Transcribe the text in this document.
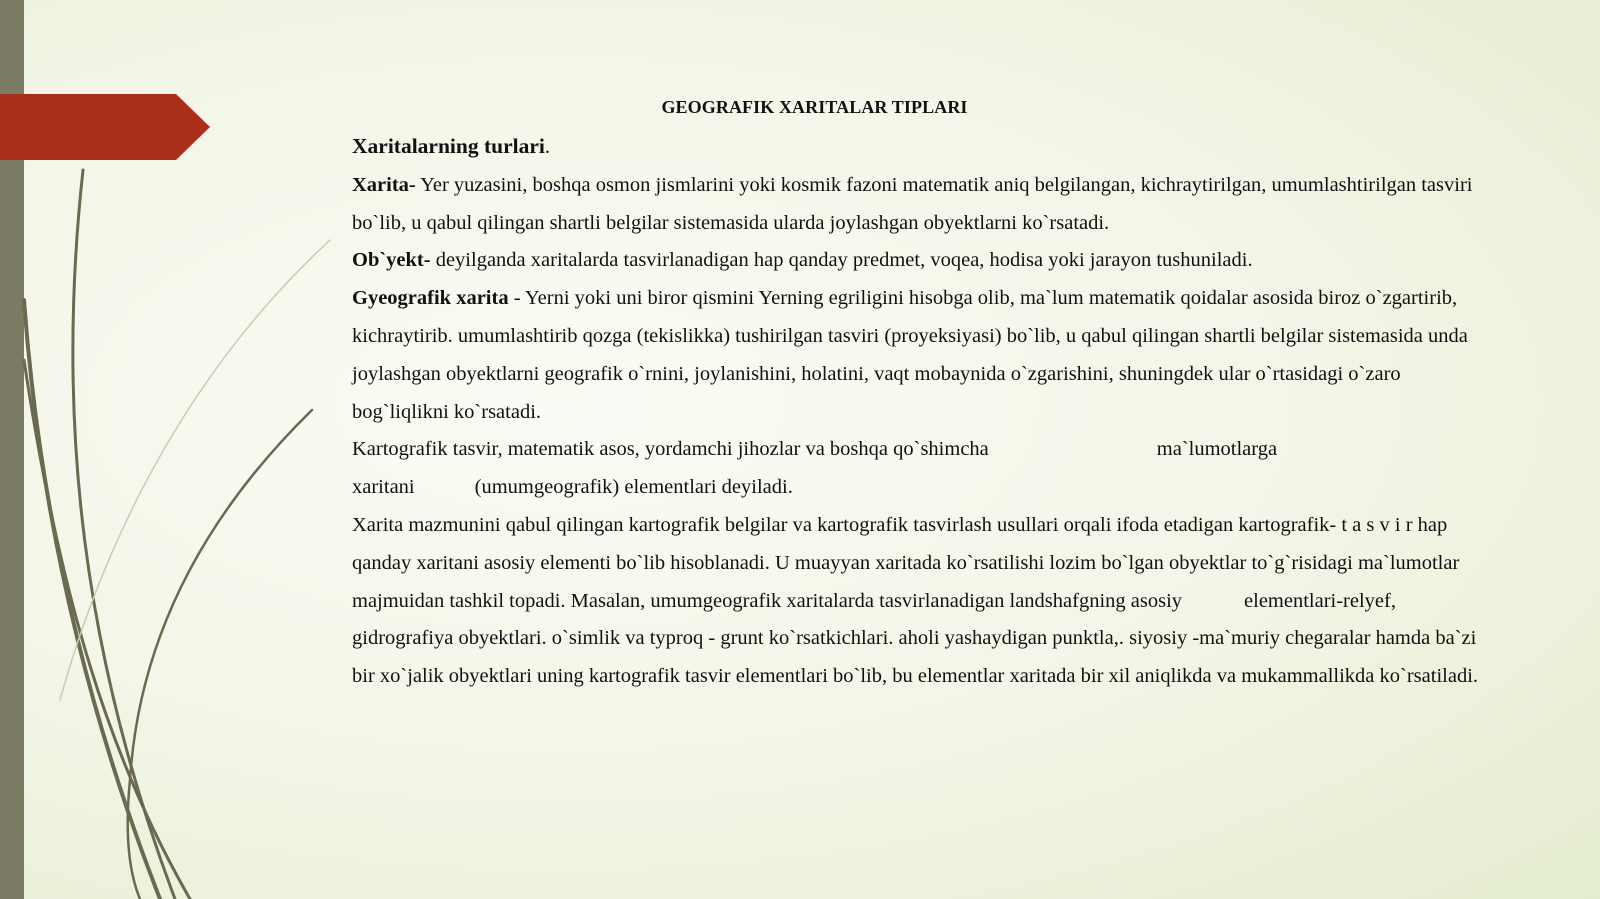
GEOGRAFIK XARITALAR TIPLARI

Xaritalarning turlari.

Xarita- Yer yuzasini, boshqa osmon jismlarini yoki kosmik fazoni matematik aniq belgilangan, kichraytirilgan, umumlashtirilgan tasviri bo`lib, u qabul qilingan shartli belgilar sistemasida ularda joylashgan obyektlarni ko`rsatadi.

Ob`yekt- deyilganda xaritalarda tasvirlanadigan hap qanday predmet, voqea, hodisa yoki jarayon tushuniladi.

Gyeografik xarita - Yerni yoki uni biror qismini Yerning egriligini hisobga olib, ma`lum matematik qoidalar asosida biroz o`zgartirib, kichraytirib. umumlashtirib qozga (tekislikka) tushirilgan tasviri (proyeksiyasi) bo`lib, u qabul qilingan shartli belgilar sistemasida unda joylashgan obyektlarni geografik o`rnini, joylanishini, holatini, vaqt mobaynida o`zgarishini, shuningdek ular o`rtasidagi o`zaro bog`liqlikni ko`rsatadi.

Kartografik tasvir, matematik asos, yordamchi jihozlar va boshqa qo`shimcha	ma`lumotlarga
xaritani	(umumgeografik) elementlari deyiladi.

Xarita mazmunini qabul qilingan kartografik belgilar va kartografik tasvirlash usullari orqali ifoda etadigan kartografik- t a s v i r hap qanday xaritani asosiy elementi bo`lib hisoblanadi. U muayyan xaritada ko`rsatilishi lozim bo`lgan obyektlar to`g`risidagi ma`lumotlar majmuidan tashkil topadi. Masalan, umumgeografik xaritalarda tasvirlanadigan landshafgning asosiy	elementlari-relyef, gidrografiya obyektlari. o`simlik va typroq - grunt ko`rsatkichlari. aholi yashaydigan punktla,. siyosiy -ma`muriy chegaralar hamda ba`zi bir xo`jalik obyektlari uning kartografik tasvir elementlari bo`lib, bu elementlar xaritada bir xil aniqlikda va mukammallikda ko`rsatiladi.
